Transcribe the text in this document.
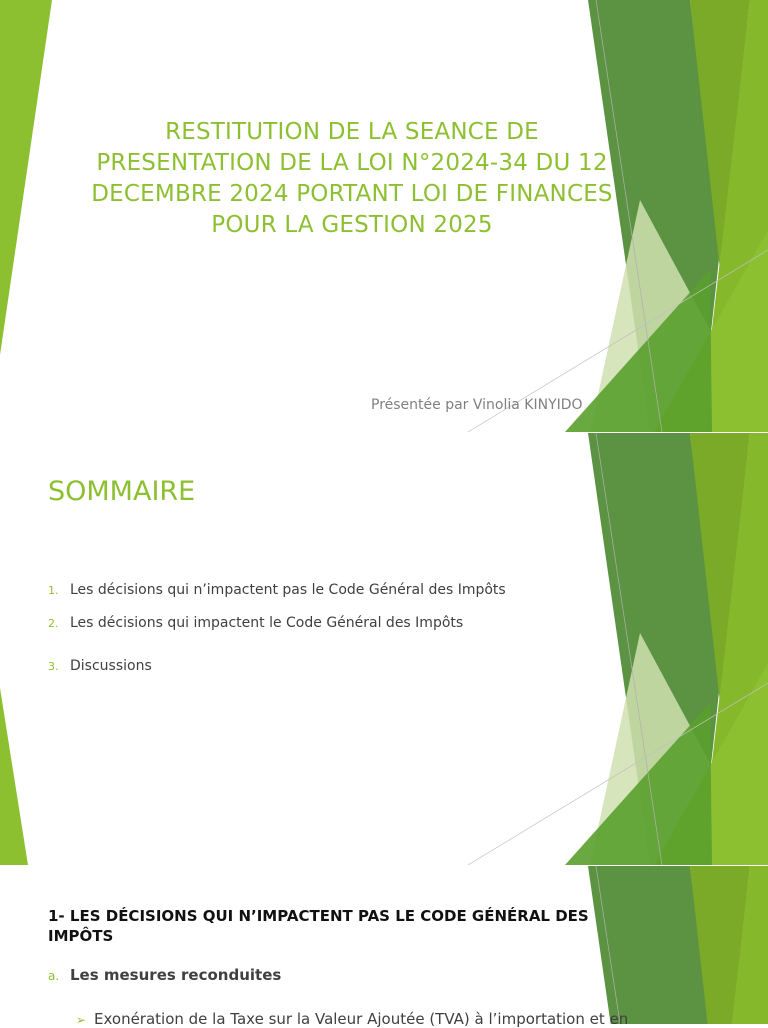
RESTITUTION DE LA SEANCE DE
PRESENTATION DE LA LOI N°2024-34 DU 12
DECEMBRE 2024 PORTANT LOI DE FINANCES
POUR LA GESTION 2025
Présentée par Vinolia KINYIDO
SOMMAIRE
1. Les décisions qui n’impactent pas le Code Général des Impôts
2. Les décisions qui impactent le Code Général des Impôts
3. Discussions
1- LES DÉCISIONS QUI N’IMPACTENT PAS LE CODE GÉNÉRAL DES IMPÔTS
a. Les mesures reconduites
➢ Exonération de la Taxe sur la Valeur Ajoutée (TVA) à l’importation et en
